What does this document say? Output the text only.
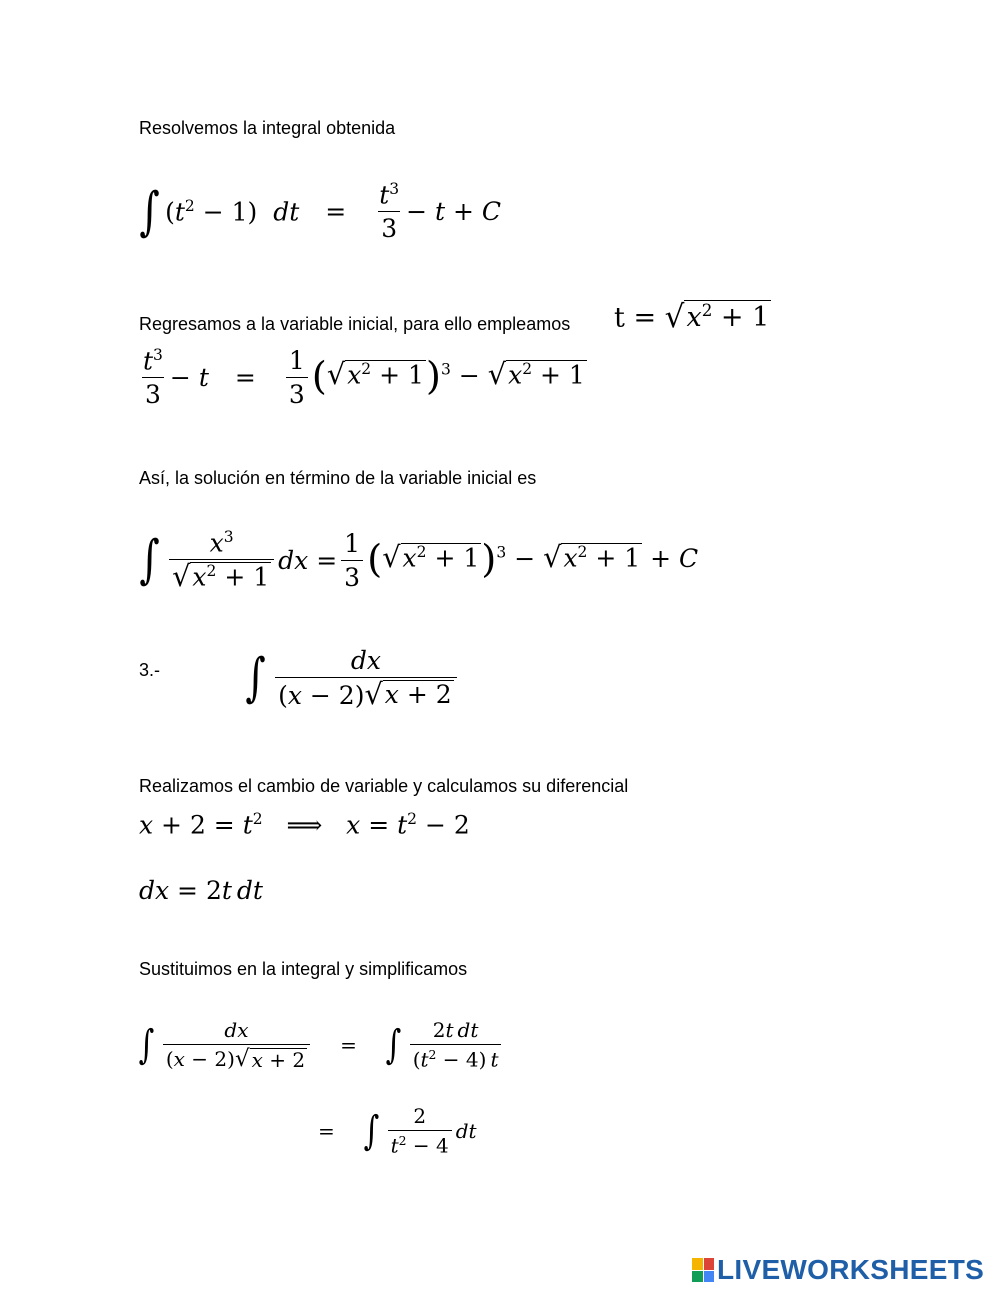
Resolvemos la integral obtenida
∫ $(t^2 - 1)$  dt = $\frac{t^3}{3} - t + C$
Regresamos a la variable inicial, para ello empleamos t = √ $x^2 + 1$
$\frac{t^3}{3} - t = \frac{1}{3}$ ( √ $x^2 + 1$ )$^3$ − √ $x^2 + 1$
Así, la solución en término de la variable inicial es
∫ $\frac{x^3}{√ x^2 + 1}$ dx = $\frac{1}{3}$ ( √ $x^2 + 1$ )$^3$ − √ $x^2 + 1 + C$
3.- ∫ $\frac{dx}{(x - 2) √ x + 2}$
Realizamos el cambio de variable y calculamos su diferencial
$x + 2 = t^2$   ⟹   $x = t^2 - 2$
dx = 2t  dt
Sustituimos en la integral y simplificamos
∫ $\frac{dx}{(x - 2) √ x + 2}$ = ∫ $\frac{\text{2t  dt}}{(t^2 - 4) t}$
= ∫ $\frac{2}{t^2 - 4}$ dt
LIVEWORKSHEETS
